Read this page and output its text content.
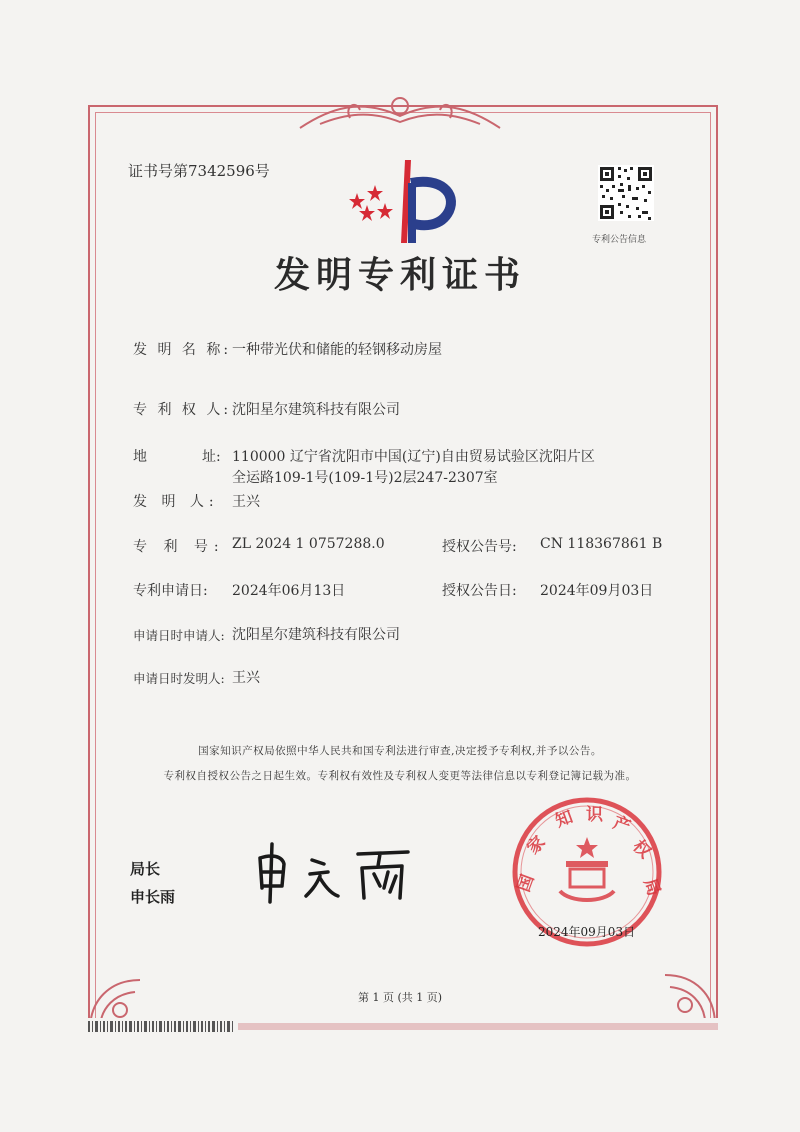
证书号第7342596号
专利公告信息
发明专利证书
发 明 名 称: 一种带光伏和储能的轻钢移动房屋
专 利 权 人: 沈阳星尔建筑科技有限公司
地	址: 110000 辽宁省沈阳市中国(辽宁)自由贸易试验区沈阳片区
全运路109-1号(109-1号)2层247-2307室
发 明 人: 王兴
专 利 号: ZL 2024 1 0757288.0	授权公告号: CN 118367861 B
专利申请日: 2024年06月13日	授权公告日: 2024年09月03日
申请日时申请人: 沈阳星尔建筑科技有限公司
申请日时发明人: 王兴
国家知识产权局依照中华人民共和国专利法进行审查,决定授予专利权,并予以公告。
专利权自授权公告之日起生效。专利权有效性及专利权人变更等法律信息以专利登记簿记载为准。
局长
申长雨
国
家
知 识 产
权
局
2024年09月03日
第 1 页 (共 1 页)
